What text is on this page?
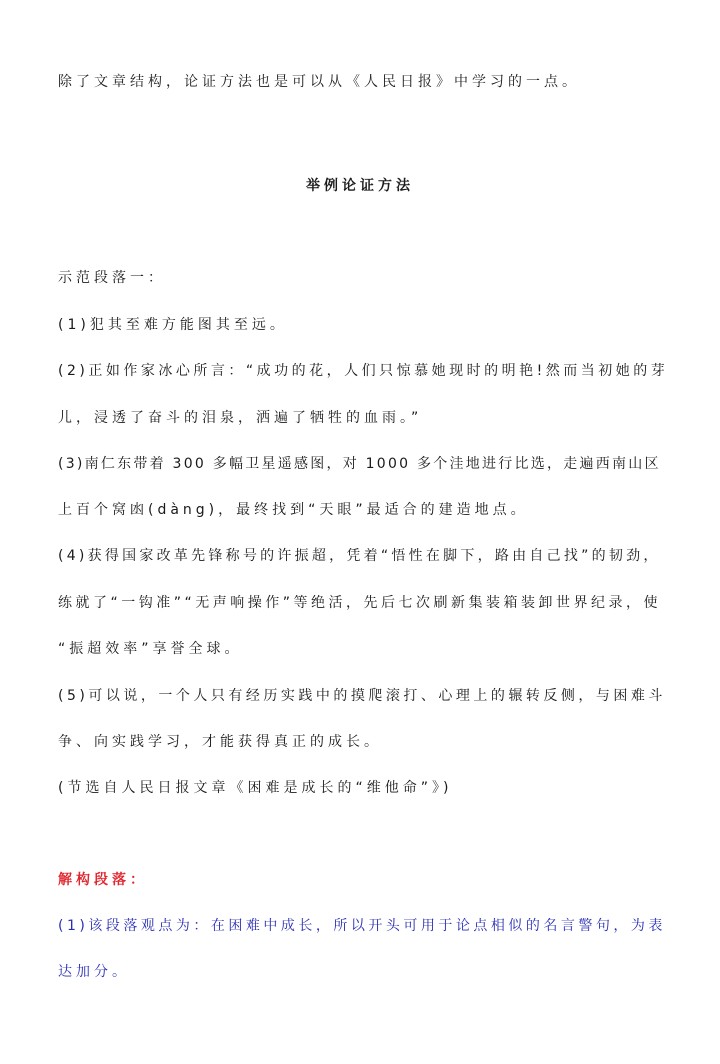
除了文章结构，论证方法也是可以从《人民日报》中学习的一点。
举例论证方法
示范段落一：
(1)犯其至难方能图其至远。
(2)正如作家冰心所言：“成功的花，人们只惊慕她现时的明艳!然而当初她的芽
儿，浸透了奋斗的泪泉，洒遍了牺牲的血雨。”
(3)南仁东带着 300 多幅卫星遥感图，对 1000 多个洼地进行比选，走遍西南山区
上百个窝凼(dàng)，最终找到“天眼”最适合的建造地点。
(4)获得国家改革先锋称号的许振超，凭着“悟性在脚下，路由自己找”的韧劲，
练就了“一钩准”“无声响操作”等绝活，先后七次刷新集装箱装卸世界纪录，使
“振超效率”享誉全球。
(5)可以说，一个人只有经历实践中的摸爬滚打、心理上的辗转反侧，与困难斗
争、向实践学习，才能获得真正的成长。
(节选自人民日报文章《困难是成长的“维他命”》)
解构段落：
(1)该段落观点为：在困难中成长，所以开头可用于论点相似的名言警句，为表
达加分。
